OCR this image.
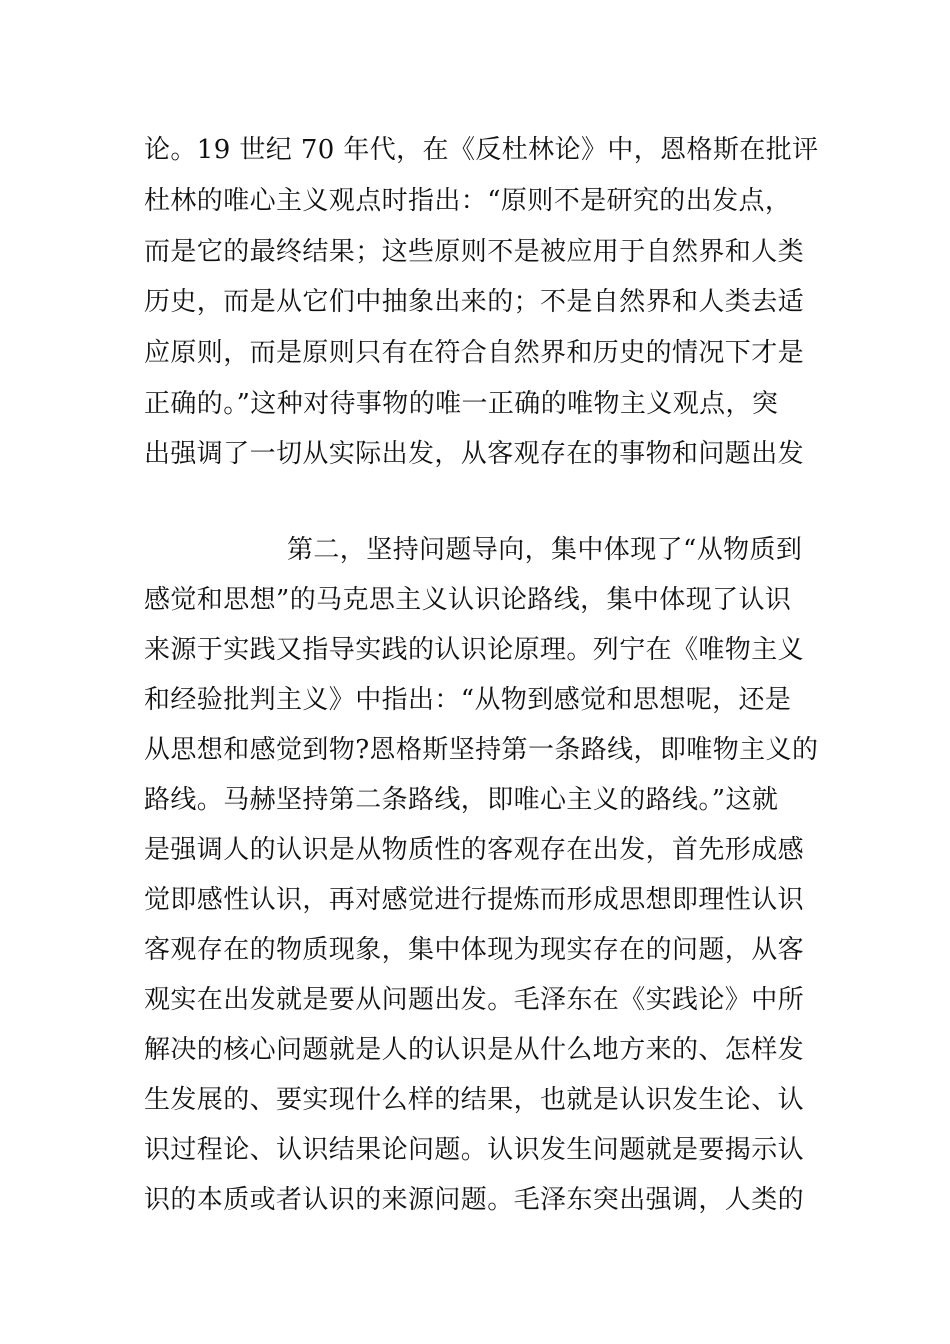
论。19 世纪 70 年代，在《反杜林论》中，恩格斯在批评
杜林的唯心主义观点时指出：“原则不是研究的出发点，
而是它的最终结果；这些原则不是被应用于自然界和人类
历史，而是从它们中抽象出来的；不是自然界和人类去适
应原则，而是原则只有在符合自然界和历史的情况下才是
正确的。”这种对待事物的唯一正确的唯物主义观点，突
出强调了一切从实际出发，从客观存在的事物和问题出发
第二，坚持问题导向，集中体现了“从物质到
感觉和思想”的马克思主义认识论路线，集中体现了认识
来源于实践又指导实践的认识论原理。列宁在《唯物主义
和经验批判主义》中指出：“从物到感觉和思想呢，还是
从思想和感觉到物?恩格斯坚持第一条路线，即唯物主义的
路线。马赫坚持第二条路线，即唯心主义的路线。”这就
是强调人的认识是从物质性的客观存在出发，首先形成感
觉即感性认识，再对感觉进行提炼而形成思想即理性认识
客观存在的物质现象，集中体现为现实存在的问题，从客
观实在出发就是要从问题出发。毛泽东在《实践论》中所
解决的核心问题就是人的认识是从什么地方来的、怎样发
生发展的、要实现什么样的结果，也就是认识发生论、认
识过程论、认识结果论问题。认识发生问题就是要揭示认
识的本质或者认识的来源问题。毛泽东突出强调，人类的
